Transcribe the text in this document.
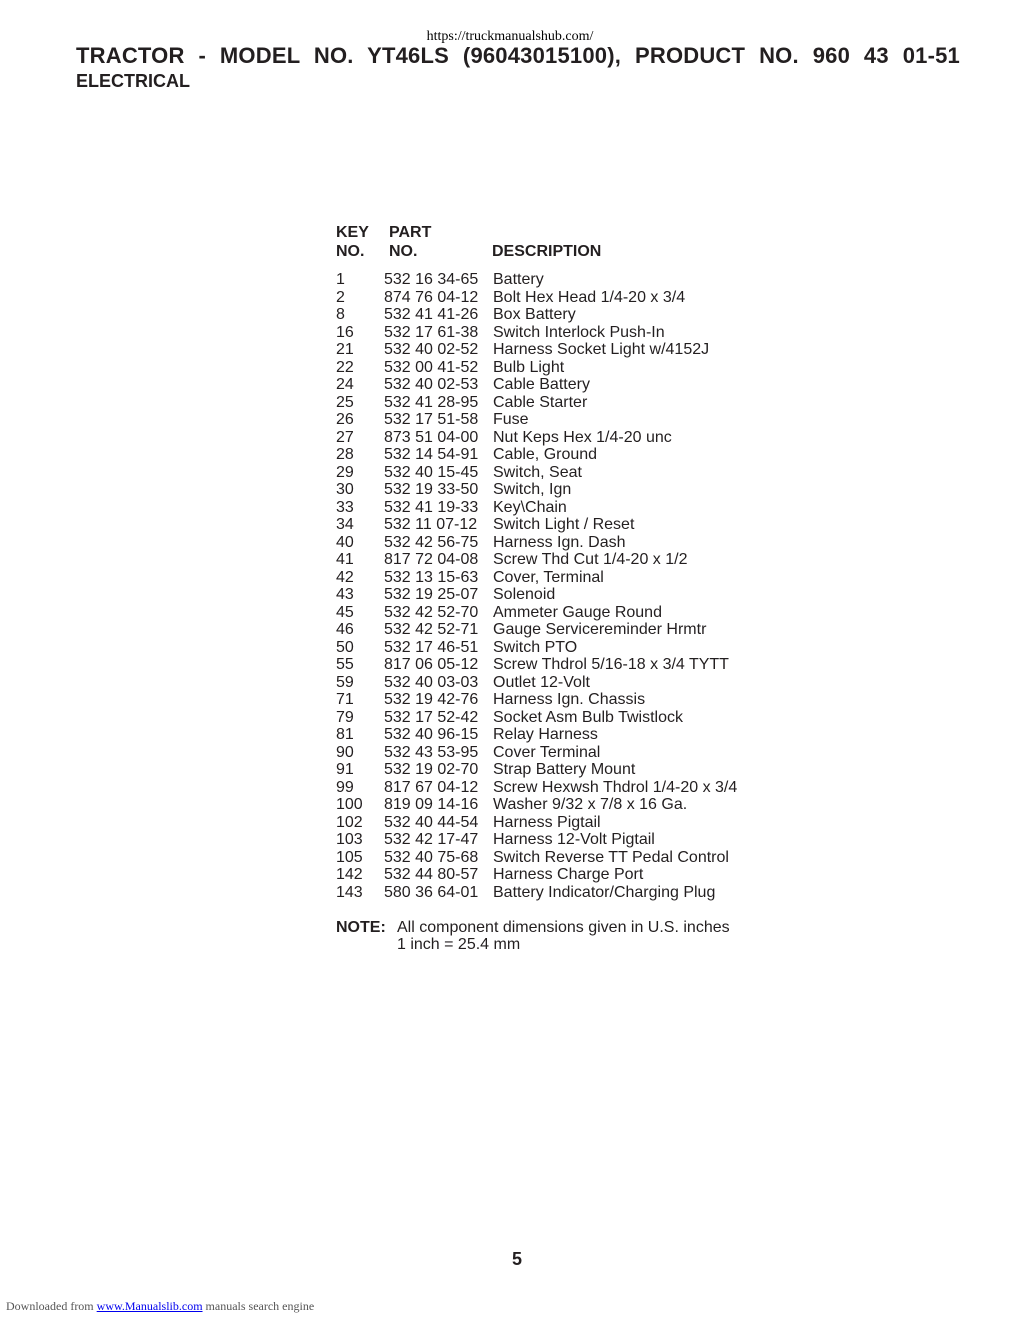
https://truckmanualshub.com/
TRACTOR - MODEL NO. YT46LS (96043015100), PRODUCT NO. 960 43 01-51
ELECTRICAL
KEY
NO.
PART
NO.	DESCRIPTION
1 532 16 34-65 Battery
2 874 76 04-12 Bolt Hex Head 1/4-20 x 3/4
8 532 41 41-26 Box Battery
16 532 17 61-38 Switch Interlock Push-In
21 532 40 02-52 Harness Socket Light w/4152J
22 532 00 41-52 Bulb Light
24 532 40 02-53 Cable Battery
25 532 41 28-95 Cable Starter
26 532 17 51-58 Fuse
27 873 51 04-00 Nut Keps Hex 1/4-20 unc
28 532 14 54-91 Cable, Ground
29 532 40 15-45 Switch, Seat
30 532 19 33-50 Switch, Ign
33 532 41 19-33 Key\Chain
34 532 11 07-12 Switch Light / Reset
40 532 42 56-75 Harness Ign. Dash
41 817 72 04-08 Screw Thd Cut 1/4-20 x 1/2
42 532 13 15-63 Cover, Terminal
43 532 19 25-07 Solenoid
45 532 42 52-70 Ammeter Gauge Round
46 532 42 52-71 Gauge Servicereminder Hrmtr
50 532 17 46-51 Switch PTO
55 817 06 05-12 Screw Thdrol 5/16-18 x 3/4 TYTT
59 532 40 03-03 Outlet 12-Volt
71 532 19 42-76 Harness Ign. Chassis
79 532 17 52-42 Socket Asm Bulb Twistlock
81 532 40 96-15 Relay Harness
90 532 43 53-95 Cover Terminal
91 532 19 02-70 Strap Battery Mount
99 817 67 04-12 Screw Hexwsh Thdrol 1/4-20 x 3/4
100 819 09 14-16 Washer 9/32 x 7/8 x 16 Ga.
102 532 40 44-54 Harness Pigtail
103 532 42 17-47 Harness 12-Volt Pigtail
105 532 40 75-68 Switch Reverse TT Pedal Control
142 532 44 80-57 Harness Charge Port
143 580 36 64-01 Battery Indicator/Charging Plug
NOTE: All component dimensions given in U.S. inches
1 inch = 25.4 mm
5
Downloaded from www.Manualslib.com manuals search engine
